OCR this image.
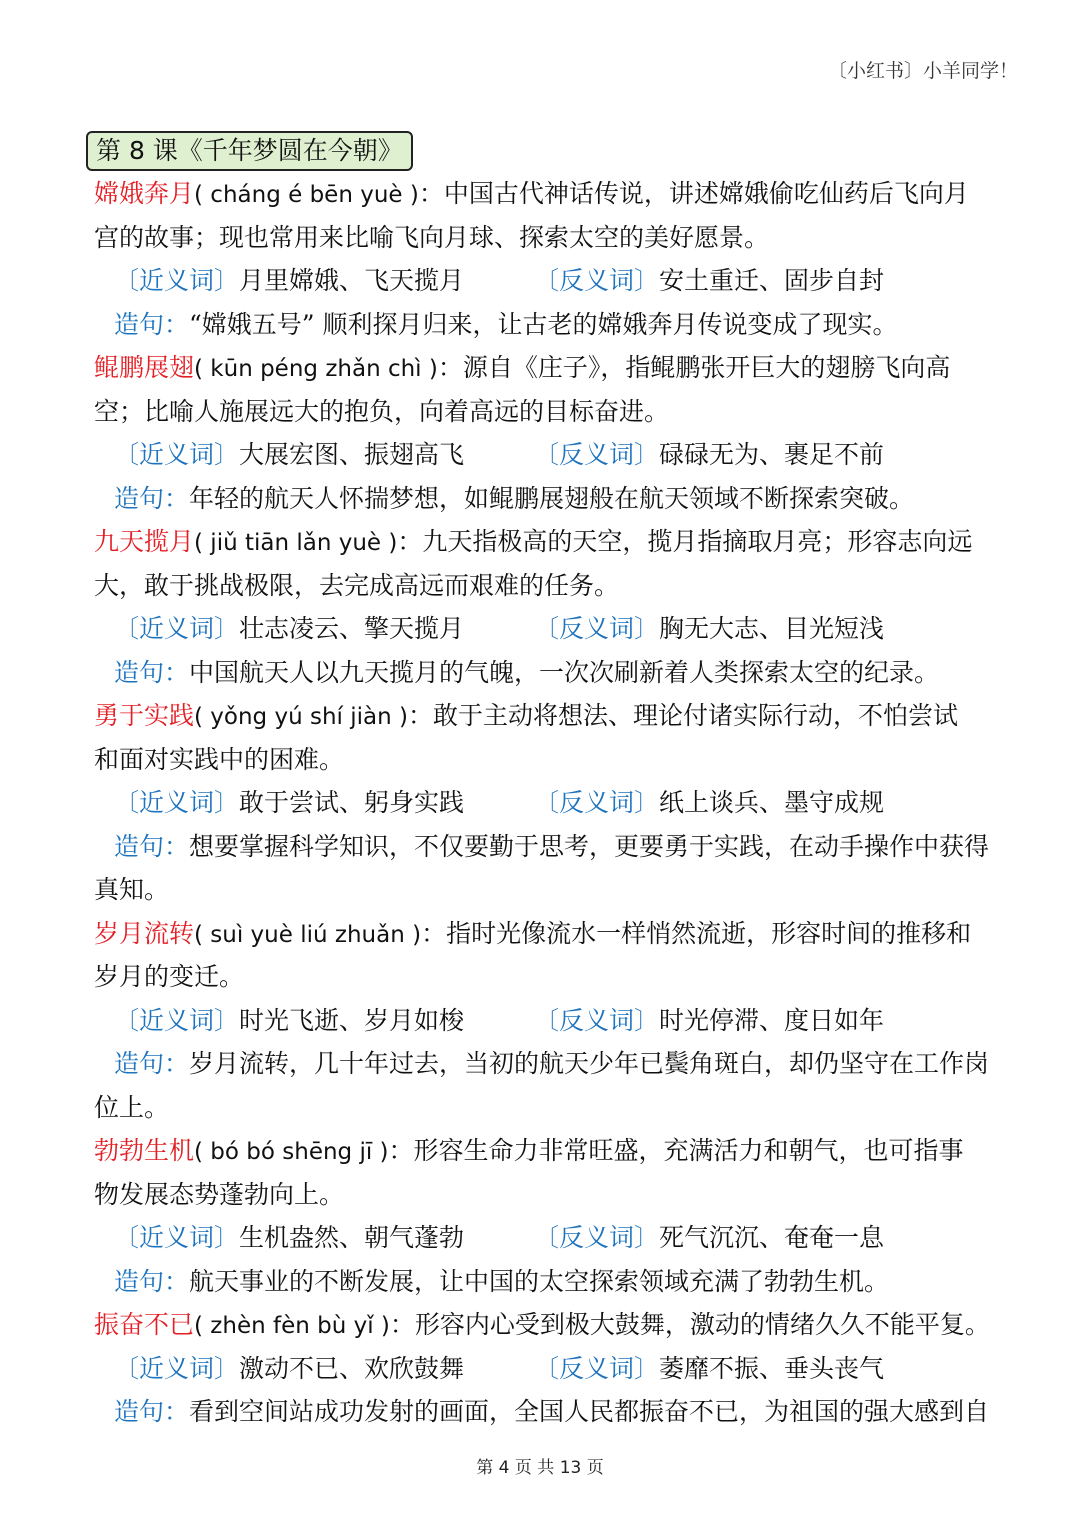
〔小红书〕小羊同学！
第 8 课《千年梦圆在今朝》
嫦娥奔月( cháng é bēn yuè )：中国古代神话传说，讲述嫦娥偷吃仙药后飞向月
宫的故事；现也常用来比喻飞向月球、探索太空的美好愿景。
〔近义词〕月里嫦娥、飞天揽月	〔反义词〕安土重迁、固步自封
造句：“嫦娥五号” 顺利探月归来，让古老的嫦娥奔月传说变成了现实。
鲲鹏展翅( kūn péng zhǎn chì )：源自《庄子》，指鲲鹏张开巨大的翅膀飞向高
空；比喻人施展远大的抱负，向着高远的目标奋进。
〔近义词〕大展宏图、振翅高飞	〔反义词〕碌碌无为、裹足不前
造句：年轻的航天人怀揣梦想，如鲲鹏展翅般在航天领域不断探索突破。
九天揽月( jiǔ tiān lǎn yuè )：九天指极高的天空，揽月指摘取月亮；形容志向远
大，敢于挑战极限，去完成高远而艰难的任务。
〔近义词〕壮志凌云、擎天揽月	〔反义词〕胸无大志、目光短浅
造句：中国航天人以九天揽月的气魄，一次次刷新着人类探索太空的纪录。
勇于实践( yǒng yú shí jiàn )：敢于主动将想法、理论付诸实际行动，不怕尝试
和面对实践中的困难。
〔近义词〕敢于尝试、躬身实践	〔反义词〕纸上谈兵、墨守成规
造句：想要掌握科学知识，不仅要勤于思考，更要勇于实践，在动手操作中获得
真知。
岁月流转( suì yuè liú zhuǎn )：指时光像流水一样悄然流逝，形容时间的推移和
岁月的变迁。
〔近义词〕时光飞逝、岁月如梭	〔反义词〕时光停滞、度日如年
造句：岁月流转，几十年过去，当初的航天少年已鬓角斑白，却仍坚守在工作岗
位上。
勃勃生机( bó bó shēng jī )：形容生命力非常旺盛，充满活力和朝气，也可指事
物发展态势蓬勃向上。
〔近义词〕生机盎然、朝气蓬勃	〔反义词〕死气沉沉、奄奄一息
造句：航天事业的不断发展，让中国的太空探索领域充满了勃勃生机。
振奋不已( zhèn fèn bù yǐ )：形容内心受到极大鼓舞，激动的情绪久久不能平复。
〔近义词〕激动不已、欢欣鼓舞	〔反义词〕萎靡不振、垂头丧气
造句：看到空间站成功发射的画面，全国人民都振奋不已，为祖国的强大感到自
第 4 页 共 13 页
